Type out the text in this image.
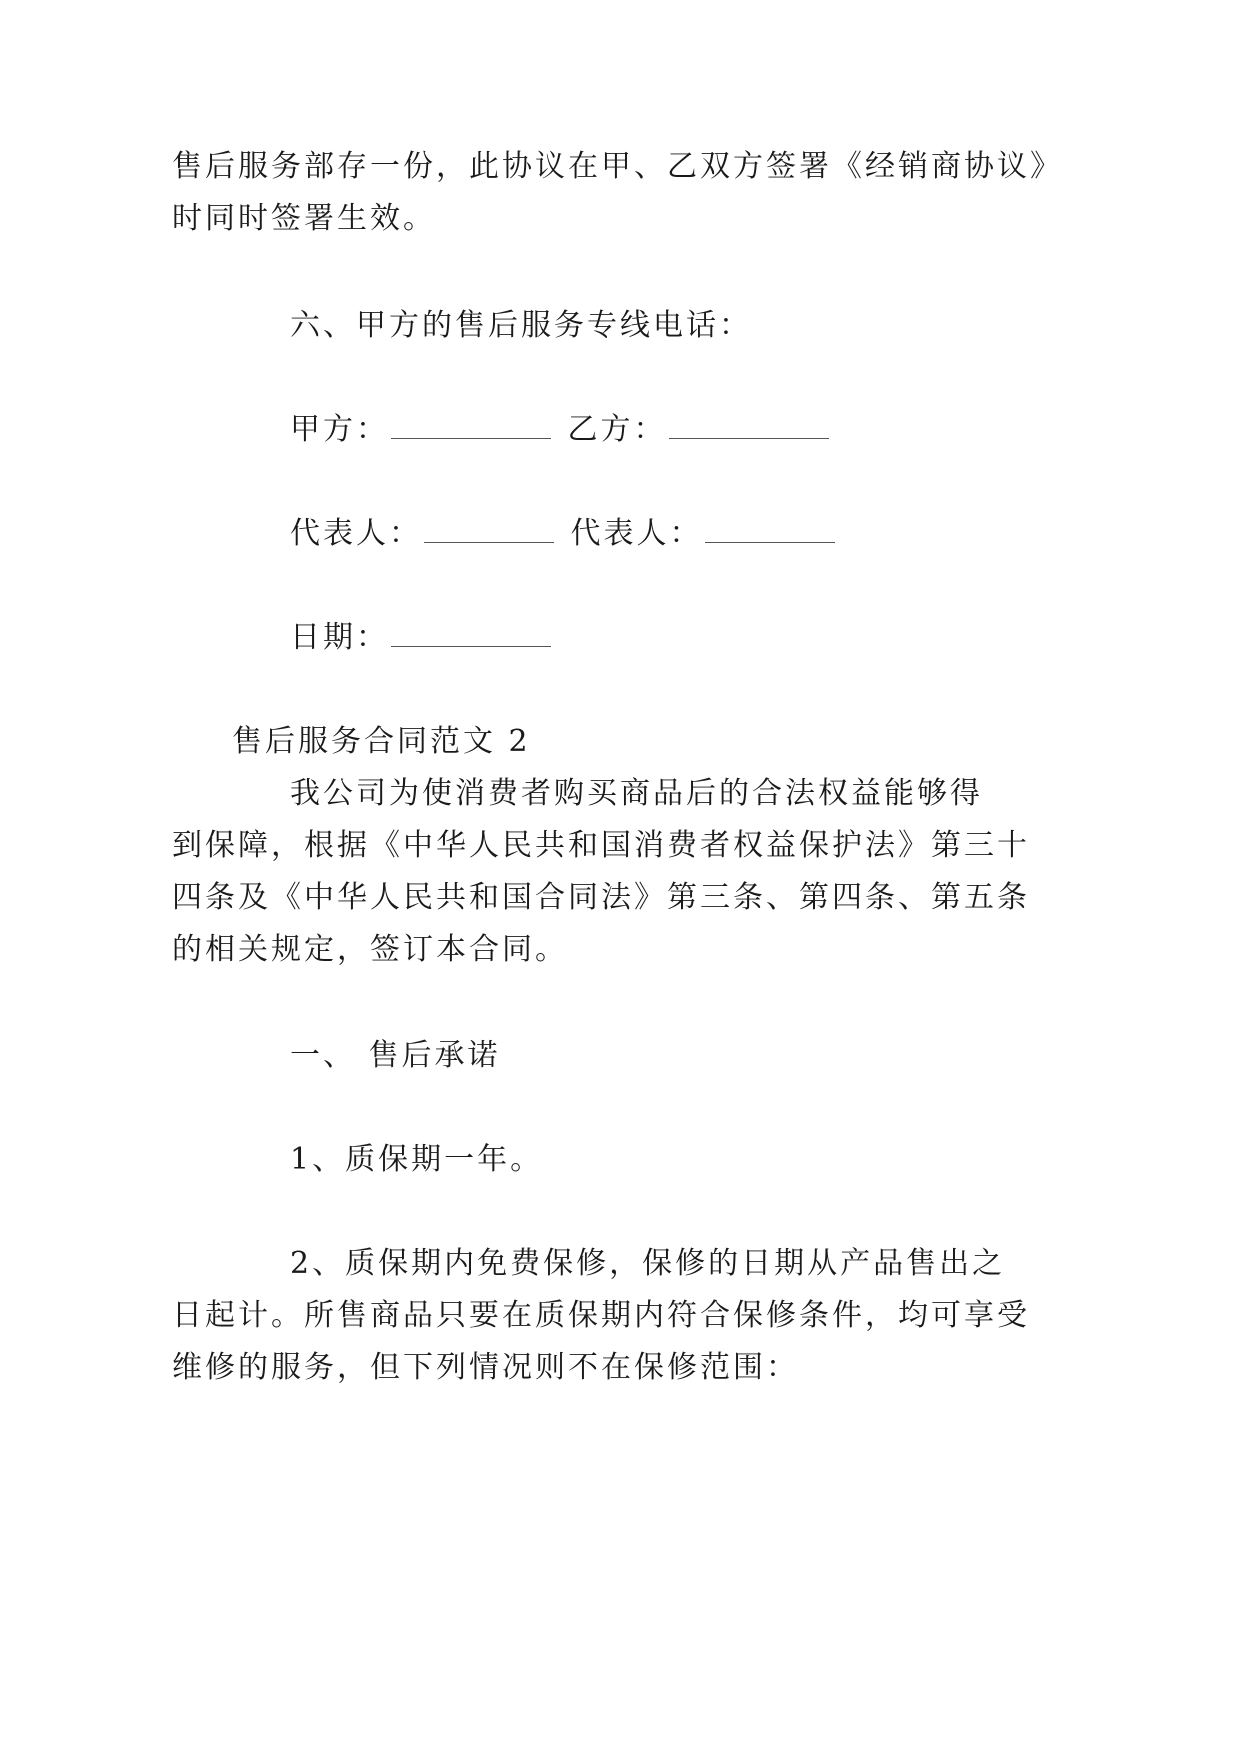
售后服务部存一份，此协议在甲、乙双方签署《经销商协议》
时同时签署生效。
六、甲方的售后服务专线电话：
甲方：	乙方：
代表人：	代表人：
日期：
售后服务合同范文 2
我公司为使消费者购买商品后的合法权益能够得
到保障，根据《中华人民共和国消费者权益保护法》第三十
四条及《中华人民共和国合同法》第三条、第四条、第五条
的相关规定，签订本合同。
一、 售后承诺
1、质保期一年。
2、质保期内免费保修，保修的日期从产品售出之
日起计。所售商品只要在质保期内符合保修条件，均可享受
维修的服务，但下列情况则不在保修范围：
